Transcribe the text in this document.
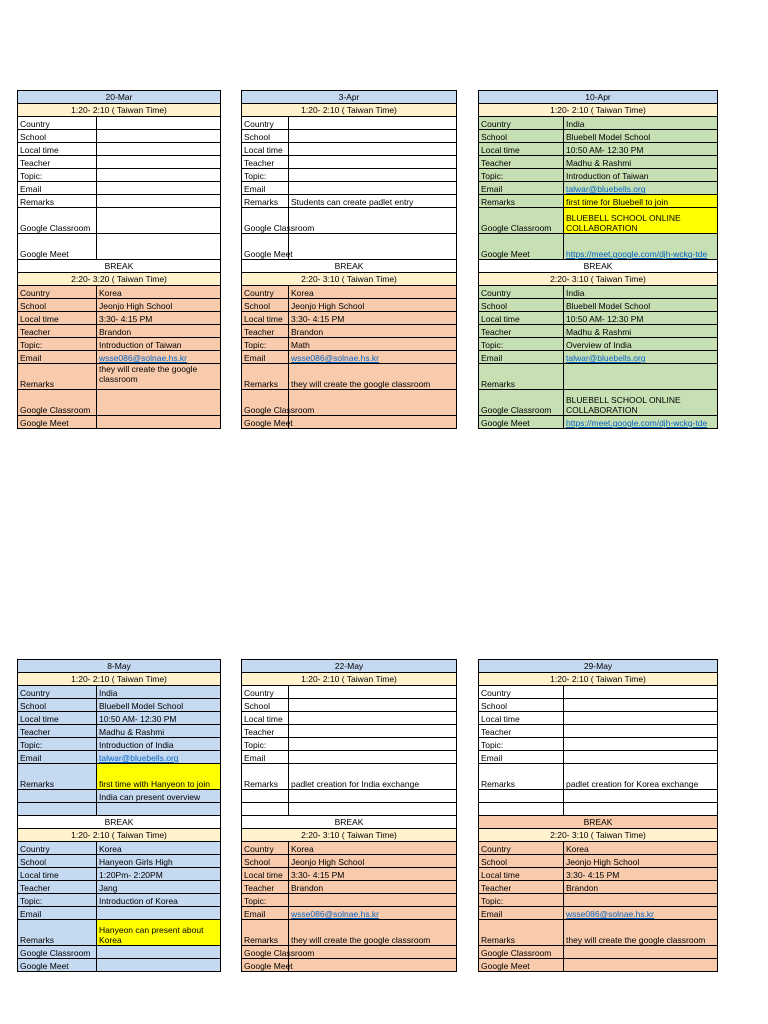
20-Mar	
1:20- 2:10 ( Taiwan Time)	
Country	
School	
Local time	
Teacher	
Topic:	
Email	
Remarks	
Google Classroom	
Google Meet	
BREAK	
2:20- 3:20 ( Taiwan Time)	
Country	Korea
School	Jeonjo High School
Local time	3:30- 4:15 PM
Teacher	Brandon
Topic:	Introduction of Taiwan
Email	wsse086@solnae.hs.kr
Remarks	they will create the google classroom
Google Classroom	
Google Meet	
3-Apr	
1:20- 2:10 ( Taiwan Time)	
Country	
School	
Local time	
Teacher	
Topic:	
Email	
Remarks	Students can create padlet entry
Google Classroom	
Google Meet	
BREAK	
2:20- 3:10 ( Taiwan Time)	
Country	Korea
School	Jeonjo High School
Local time	3:30- 4:15 PM
Teacher	Brandon
Topic:	Math
Email	wsse086@solnae.hs.kr
Remarks	they will create the google classroom
Google Classroom	
Google Meet	
10-Apr	
1:20- 2:10 ( Taiwan Time)	
Country	India
School	Bluebell Model School
Local time	10:50 AM- 12:30 PM
Teacher	Madhu & Rashmi
Topic:	Introduction of Taiwan
Email	talwar@bluebells.org
Remarks	first time for Bluebell to join
Google Classroom	BLUEBELL SCHOOL ONLINE COLLABORATION
Google Meet	https://meet.google.com/djh-wckg-tde
BREAK	
2:20- 3:10 ( Taiwan Time)	
Country	India
School	Bluebell Model School
Local time	10:50 AM- 12:30 PM
Teacher	Madhu & Rashmi
Topic:	Overview of India
Email	talwar@bluebells.org
Remarks	
Google Classroom	BLUEBELL SCHOOL ONLINE COLLABORATION
Google Meet	https://meet.google.com/djh-wckg-tde
8-May	
1:20- 2:10 ( Taiwan Time)	
Country	India
School	Bluebell Model School
Local time	10:50 AM- 12:30 PM
Teacher	Madhu & Rashmi
Topic:	Introduction of India
Email	talwar@bluebells.org
Remarks	first time with Hanyeon to join
	India can present overview

BREAK	
1:20- 2:10 ( Taiwan Time)	
Country	Korea
School	Hanyeon Girls High
Local time	1:20Pm- 2:20PM
Teacher	Jang
Topic:	Introduction of Korea
Email	
Remarks	Hanyeon can present about Korea
Google Classroom	
Google Meet	
22-May	
1:20- 2:10 ( Taiwan Time)	
Country	
School	
Local time	
Teacher	
Topic:	
Email	
Remarks	padlet creation for India exchange

BREAK	
2:20- 3:10 ( Taiwan Time)	
Country	Korea
School	Jeonjo High School
Local time	3:30- 4:15 PM
Teacher	Brandon
Topic:	
Email	wsse086@solnae.hs.kr
Remarks	they will create the google classroom
Google Classroom	
Google Meet	
29-May	
1:20- 2:10 ( Taiwan Time)	
Country	
School	
Local time	
Teacher	
Topic:	
Email	
Remarks	padlet creation for Korea exchange

BREAK	
2:20- 3:10 ( Taiwan Time)	
Country	Korea
School	Jeonjo High School
Local time	3:30- 4:15 PM
Teacher	Brandon
Topic:	
Email	wsse086@solnae.hs.kr
Remarks	they will create the google classroom
Google Classroom	
Google Meet	
